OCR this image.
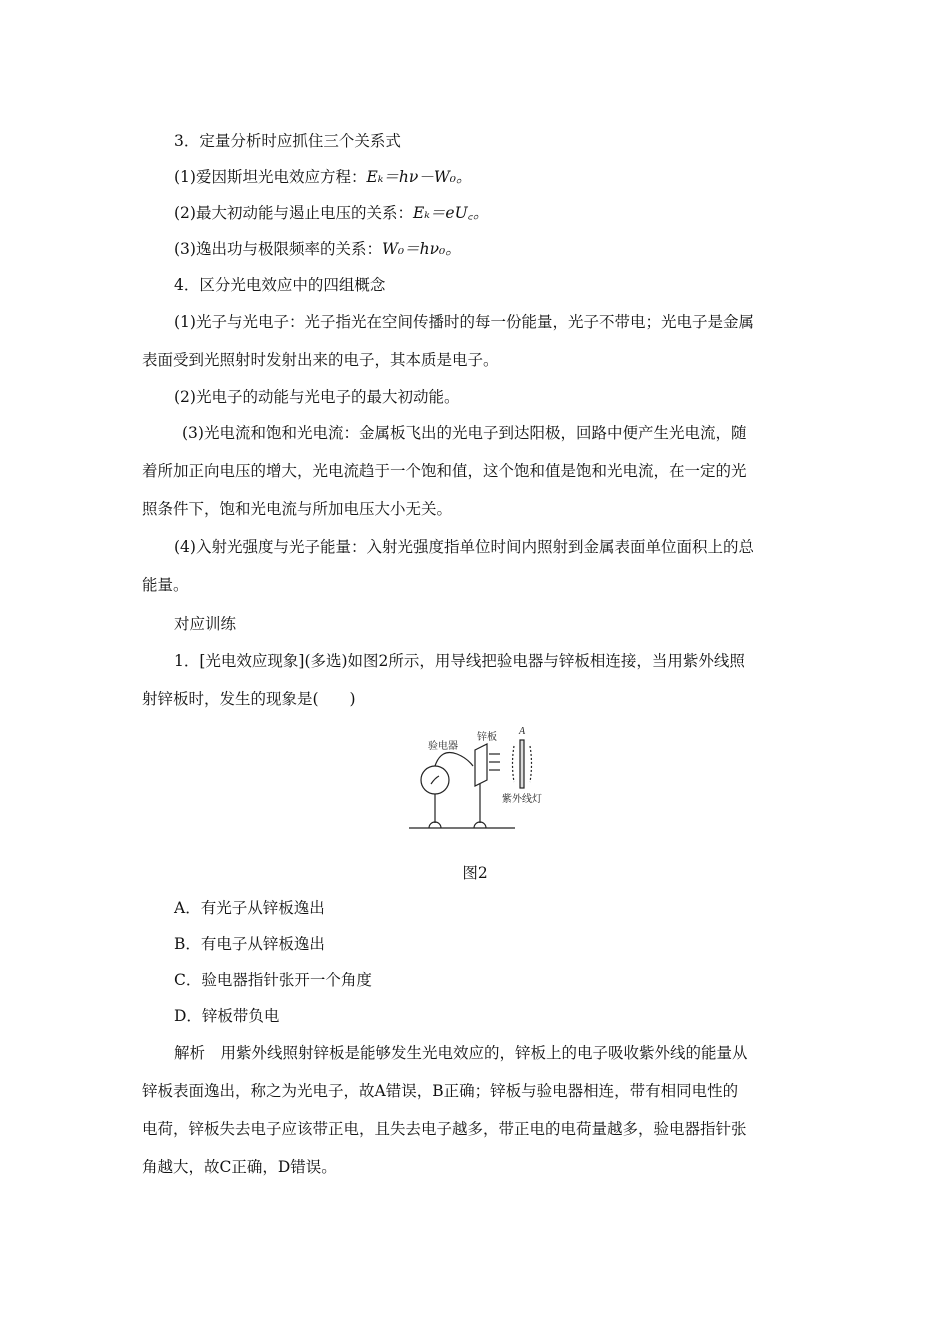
3．定量分析时应抓住三个关系式
(1)爱因斯坦光电效应方程：Eₖ＝hν－W₀。
(2)最大初动能与遏止电压的关系：Eₖ＝eU꜀。
(3)逸出功与极限频率的关系：W₀＝hν₀。
4．区分光电效应中的四组概念
(1)光子与光电子：光子指光在空间传播时的每一份能量，光子不带电；光电子是金属
表面受到光照射时发射出来的电子，其本质是电子。
(2)光电子的动能与光电子的最大初动能。
(3)光电流和饱和光电流：金属板飞出的光电子到达阳极，回路中便产生光电流，随
着所加正向电压的增大，光电流趋于一个饱和值，这个饱和值是饱和光电流，在一定的光
照条件下，饱和光电流与所加电压大小无关。
(4)入射光强度与光子能量：入射光强度指单位时间内照射到金属表面单位面积上的总
能量。
对应训练
1．[光电效应现象](多选)如图2所示，用导线把验电器与锌板相连接，当用紫外线照
射锌板时，发生的现象是(　　)
验电器
锌板
A
紫外线灯
图2
A．有光子从锌板逸出
B．有电子从锌板逸出
C．验电器指针张开一个角度
D．锌板带负电
解析　用紫外线照射锌板是能够发生光电效应的，锌板上的电子吸收紫外线的能量从
锌板表面逸出，称之为光电子，故A错误，B正确；锌板与验电器相连，带有相同电性的
电荷，锌板失去电子应该带正电，且失去电子越多，带正电的电荷量越多，验电器指针张
角越大，故C正确，D错误。
